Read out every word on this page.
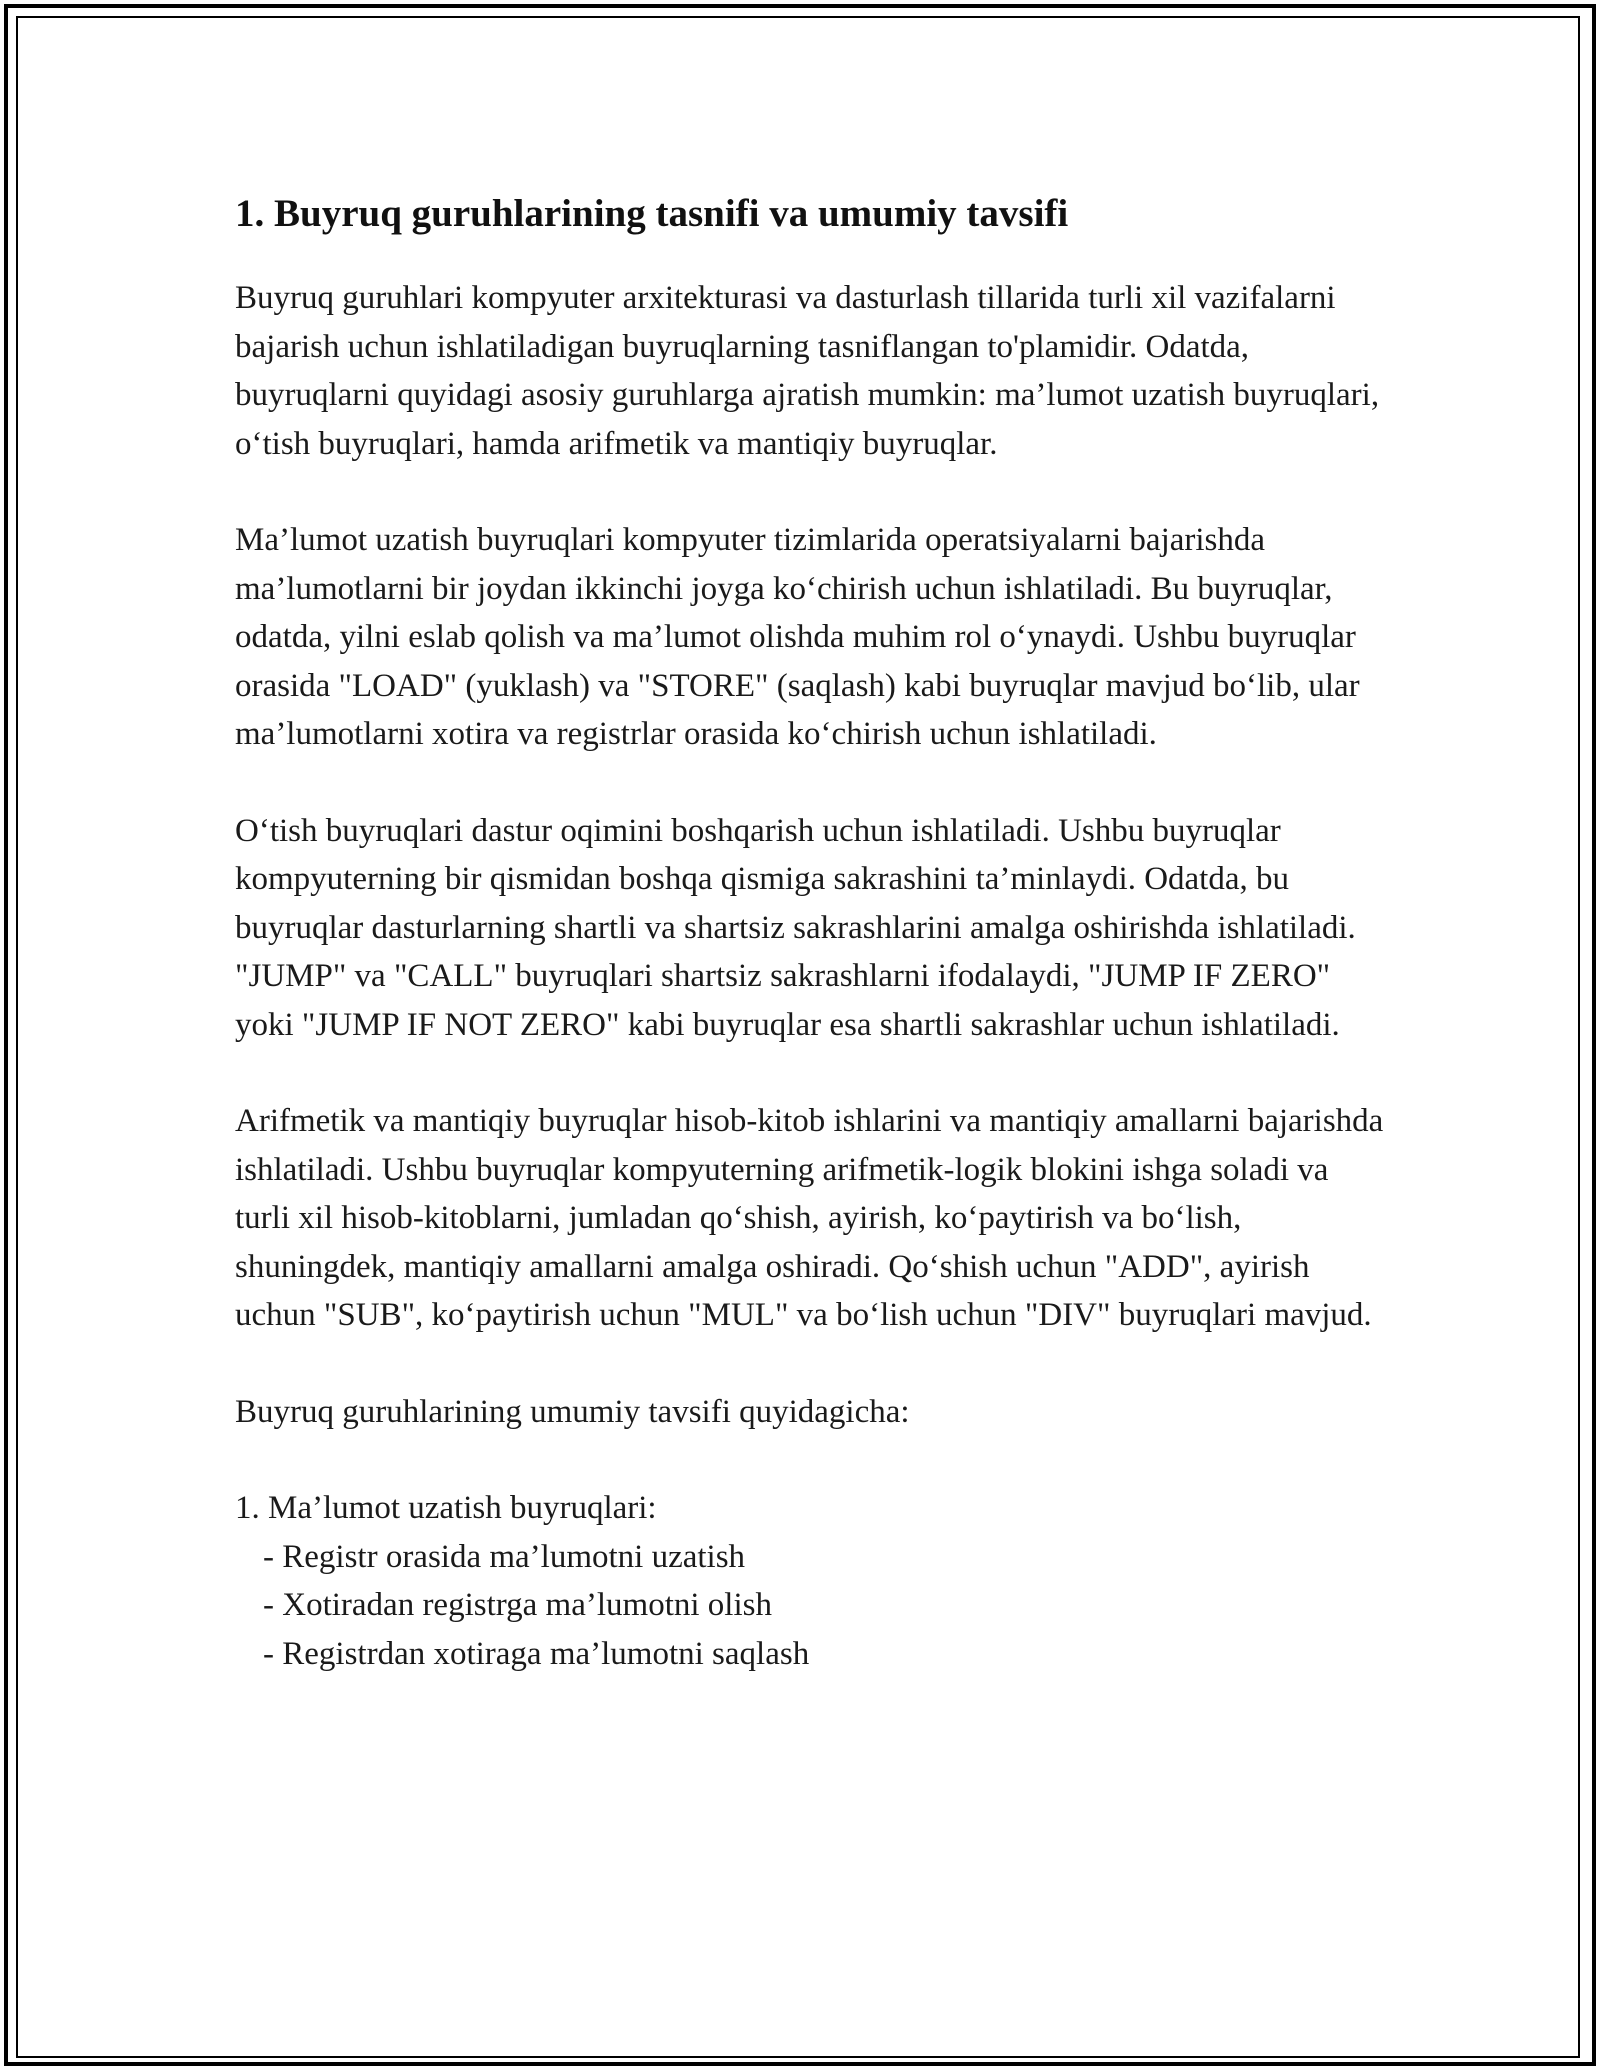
1. Buyruq guruhlarining tasnifi va umumiy tavsifi

Buyruq guruhlari kompyuter arxitekturasi va dasturlash tillarida turli xil vazifalarni bajarish uchun ishlatiladigan buyruqlarning tasniflangan to'plamidir. Odatda, buyruqlarni quyidagi asosiy guruhlarga ajratish mumkin: ma’lumot uzatish buyruqlari, o‘tish buyruqlari, hamda arifmetik va mantiqiy buyruqlar.

Ma’lumot uzatish buyruqlari kompyuter tizimlarida operatsiyalarni bajarishda ma’lumotlarni bir joydan ikkinchi joyga ko‘chirish uchun ishlatiladi. Bu buyruqlar, odatda, yilni eslab qolish va ma’lumot olishda muhim rol o‘ynaydi. Ushbu buyruqlar orasida "LOAD" (yuklash) va "STORE" (saqlash) kabi buyruqlar mavjud bo‘lib, ular ma’lumotlarni xotira va registrlar orasida ko‘chirish uchun ishlatiladi.

O‘tish buyruqlari dastur oqimini boshqarish uchun ishlatiladi. Ushbu buyruqlar kompyuterning bir qismidan boshqa qismiga sakrashini ta’minlaydi. Odatda, bu buyruqlar dasturlarning shartli va shartsiz sakrashlarini amalga oshirishda ishlatiladi. "JUMP" va "CALL" buyruqlari shartsiz sakrashlarni ifodalaydi, "JUMP IF ZERO" yoki "JUMP IF NOT ZERO" kabi buyruqlar esa shartli sakrashlar uchun ishlatiladi.

Arifmetik va mantiqiy buyruqlar hisob-kitob ishlarini va mantiqiy amallarni bajarishda ishlatiladi. Ushbu buyruqlar kompyuterning arifmetik-logik blokini ishga soladi va turli xil hisob-kitoblarni, jumladan qo‘shish, ayirish, ko‘paytirish va bo‘lish, shuningdek, mantiqiy amallarni amalga oshiradi. Qo‘shish uchun "ADD", ayirish uchun "SUB", ko‘paytirish uchun "MUL" va bo‘lish uchun "DIV" buyruqlari mavjud.

Buyruq guruhlarining umumiy tavsifi quyidagicha:

1. Ma’lumot uzatish buyruqlari:
- Registr orasida ma’lumotni uzatish
- Xotiradan registrga ma’lumotni olish
- Registrdan xotiraga ma’lumotni saqlash
